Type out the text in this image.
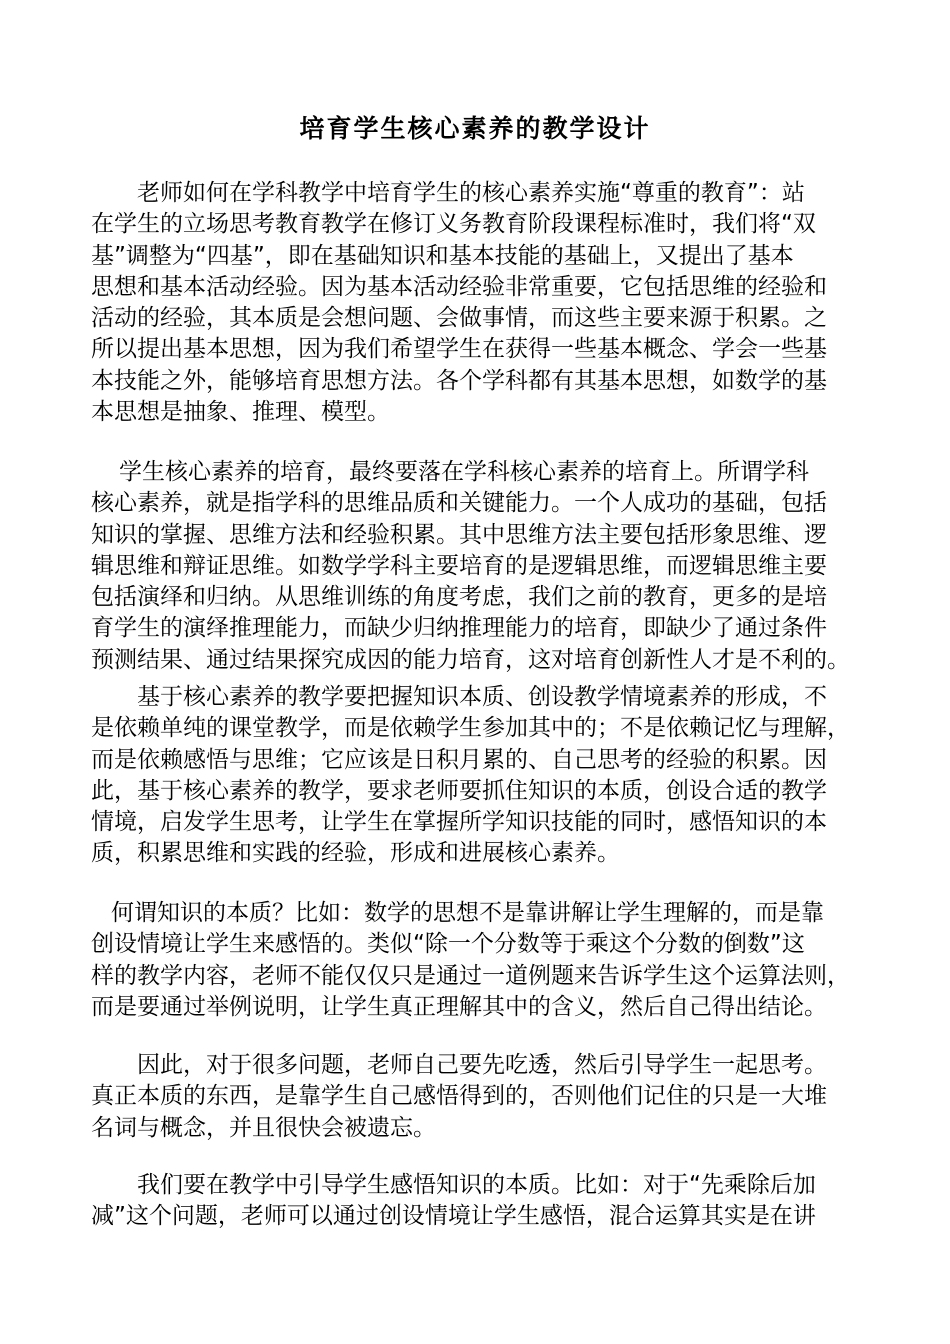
培育学生核心素养的教学设计
老师如何在学科教学中培育学生的核心素养实施“尊重的教育”：站
在学生的立场思考教育教学在修订义务教育阶段课程标准时，我们将“双
基”调整为“四基”，即在基础知识和基本技能的基础上，又提出了基本
思想和基本活动经验。因为基本活动经验非常重要，它包括思维的经验和
活动的经验，其本质是会想问题、会做事情，而这些主要来源于积累。之
所以提出基本思想，因为我们希望学生在获得一些基本概念、学会一些基
本技能之外，能够培育思想方法。各个学科都有其基本思想，如数学的基
本思想是抽象、推理、模型。
学生核心素养的培育，最终要落在学科核心素养的培育上。所谓学科
核心素养，就是指学科的思维品质和关键能力。一个人成功的基础，包括
知识的掌握、思维方法和经验积累。其中思维方法主要包括形象思维、逻
辑思维和辩证思维。如数学学科主要培育的是逻辑思维，而逻辑思维主要
包括演绎和归纳。从思维训练的角度考虑，我们之前的教育，更多的是培
育学生的演绎推理能力，而缺少归纳推理能力的培育，即缺少了通过条件
预测结果、通过结果探究成因的能力培育，这对培育创新性人才是不利的。
基于核心素养的教学要把握知识本质、创设教学情境素养的形成，不
是依赖单纯的课堂教学，而是依赖学生参加其中的；不是依赖记忆与理解，
而是依赖感悟与思维；它应该是日积月累的、自己思考的经验的积累。因
此，基于核心素养的教学，要求老师要抓住知识的本质，创设合适的教学
情境，启发学生思考，让学生在掌握所学知识技能的同时，感悟知识的本
质，积累思维和实践的经验，形成和进展核心素养。
何谓知识的本质？比如：数学的思想不是靠讲解让学生理解的，而是靠
创设情境让学生来感悟的。类似“除一个分数等于乘这个分数的倒数”这
样的教学内容，老师不能仅仅只是通过一道例题来告诉学生这个运算法则，
而是要通过举例说明，让学生真正理解其中的含义，然后自己得出结论。
因此，对于很多问题，老师自己要先吃透，然后引导学生一起思考。
真正本质的东西，是靠学生自己感悟得到的，否则他们记住的只是一大堆
名词与概念，并且很快会被遗忘。
我们要在教学中引导学生感悟知识的本质。比如：对于“先乘除后加
减”这个问题，老师可以通过创设情境让学生感悟，混合运算其实是在讲
